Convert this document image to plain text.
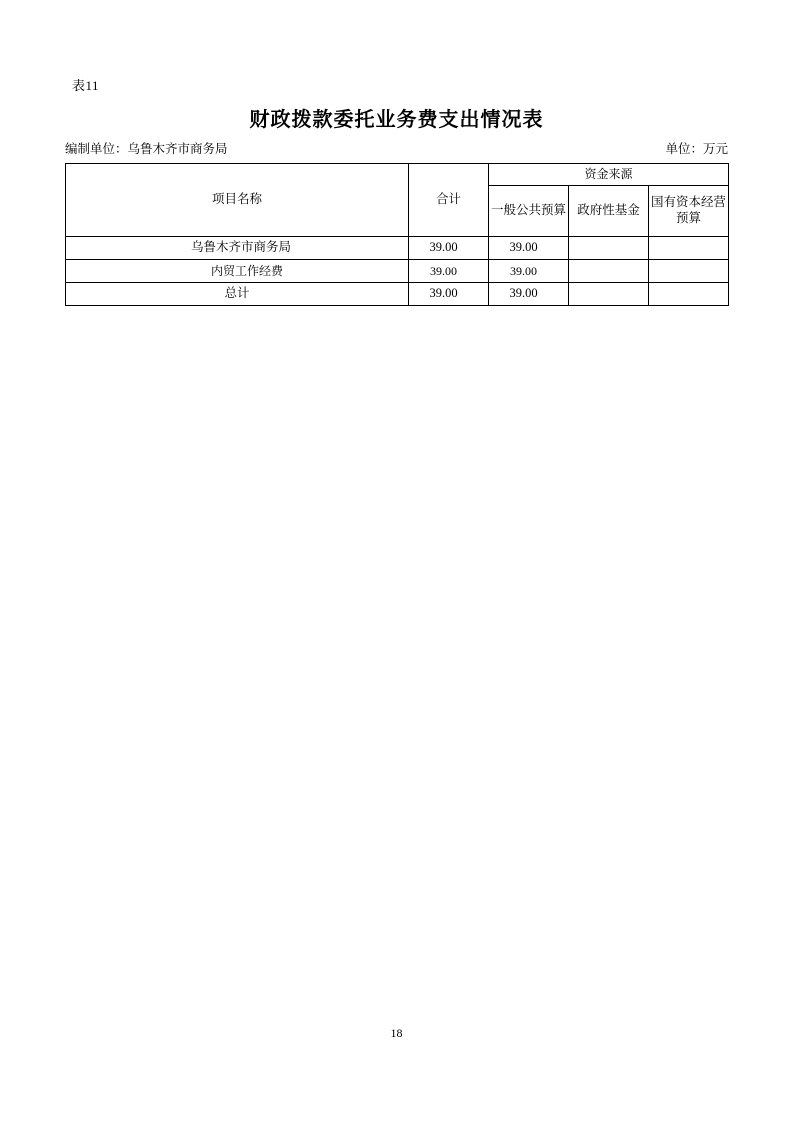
表11
财政拨款委托业务费支出情况表
编制单位：乌鲁木齐市商务局	单位：万元
项目名称	合计	资金来源		
		一般公共预算	政府性基金	国有资本经营预算
乌鲁木齐市商务局	39.00	39.00		
内贸工作经费	39.00	39.00		
总计	39.00	39.00		
18
